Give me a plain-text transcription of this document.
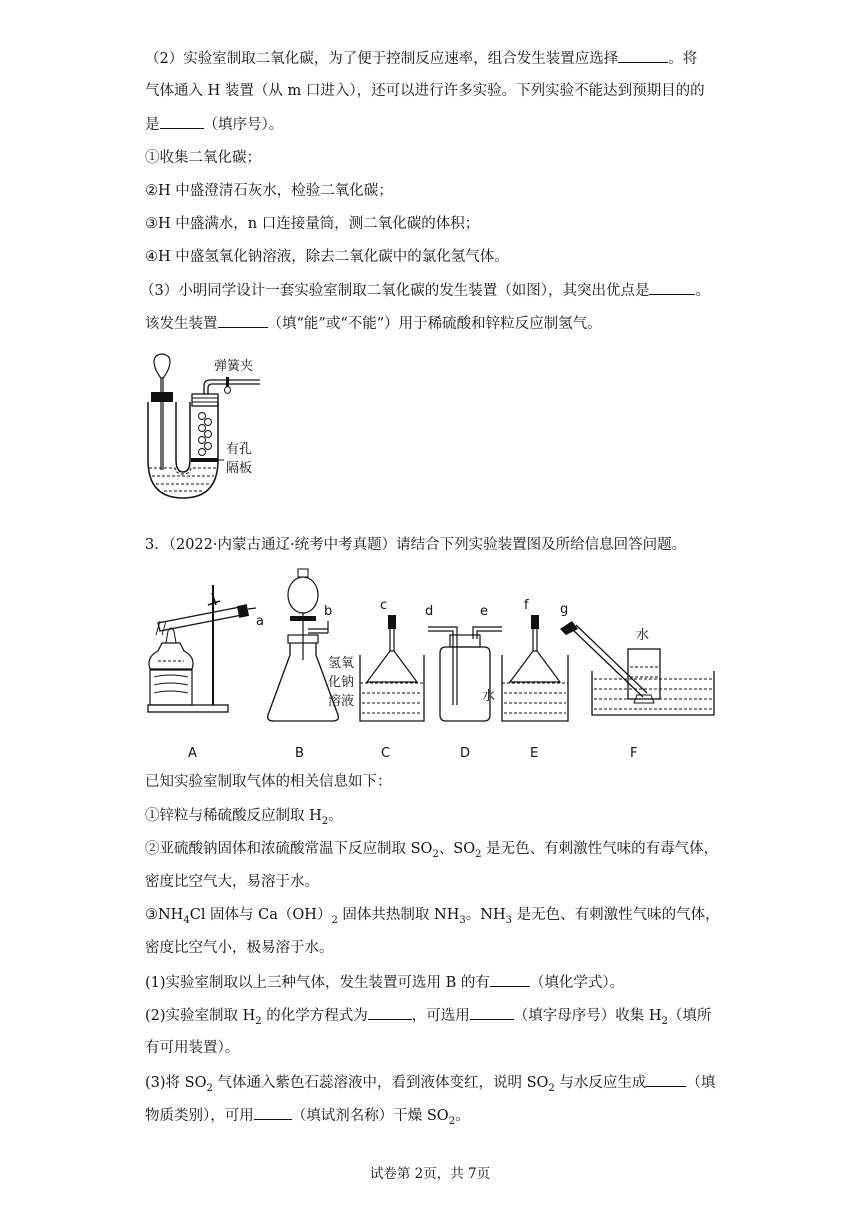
（2）实验室制取二氧化碳，为了便于控制反应速率，组合发生装置应选择	。将
气体通入 H 装置（从 m 口进入），还可以进行许多实验。下列实验不能达到预期目的的
是	（填序号）。
①收集二氧化碳；
②H 中盛澄清石灰水，检验二氧化碳；
③H 中盛满水，n 口连接量筒，测二氧化碳的体积；
④H 中盛氢氧化钠溶液，除去二氧化碳中的氯化氢气体。
（3）小明同学设计一套实验室制取二氧化碳的发生装置（如图），其突出优点是	。
该发生装置	（填“能”或“不能”）用于稀硫酸和锌粒反应制氢气。
弹簧夹
有孔
隔板
3．（2022·内蒙古通辽·统考中考真题）请结合下列实验装置图及所给信息回答问题。
氢氧
化钠
溶液	水
水
a
b	c	d	e	f g
A	B	C	D	E	F
已知实验室制取气体的相关信息如下：
①锌粒与稀硫酸反应制取 $H_2$。
②亚硫酸钠固体和浓硫酸常温下反应制取 $SO_2$、$SO_2$ 是无色、有刺激性气味的有毒气体，
密度比空气大，易溶于水。
$③NH_4Cl$ 固体与 $Ca(OH)_2$ 固体共热制取 $NH_3$。$NH_3$ 是无色、有刺激性气味的气体，
密度比空气小，极易溶于水。
(1)实验室制取以上三种气体，发生装置可选用 B 的有	（填化学式）。
(2)实验室制取 $H_2$ 的化学方程式为	，可选用	（填字母序号）收集 $H_2$（填所
有可用装置）。
(3)将 $SO_2$ 气体通入紫色石蕊溶液中，看到液体变红，说明 $SO_2$ 与水反应生成	（填
物质类别），可用	（填试剂名称）干燥 $SO_2$。
试卷第 2页，共 7页
